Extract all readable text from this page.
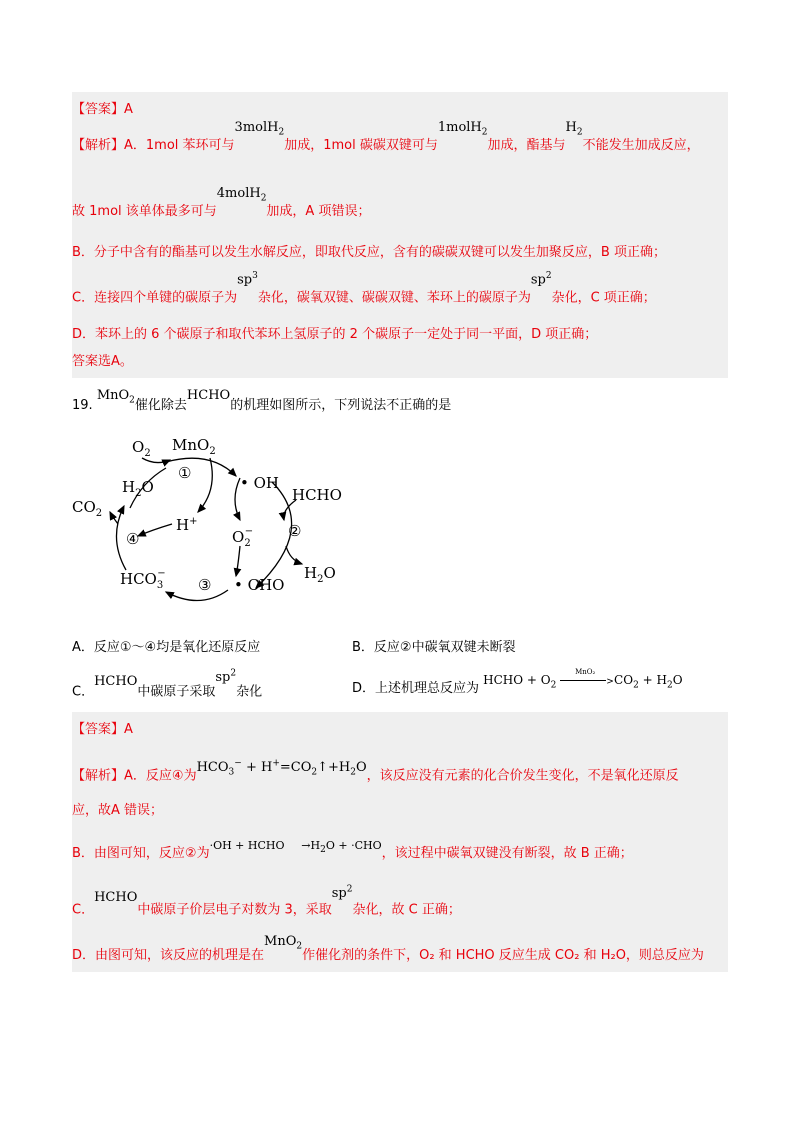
【答案】A
【解析】A．1mol 苯环可与3molH$_2$加成，1mol 碳碳双键可与1molH$_2$加成，酯基与$H_2$不能发生加成反应，
故 1mol 该单体最多可与4molH$_2$加成，A 项错误；
B．分子中含有的酯基可以发生水解反应，即取代反应，含有的碳碳双键可以发生加聚反应，B 项正确；
C．连接四个单键的碳原子为$sp^3$杂化，碳氧双键、碳碳双键、苯环上的碳原子为$sp^2$杂化，C 项正确；
D．苯环上的 6 个碳原子和取代苯环上氢原子的 2 个碳原子一定处于同一平面，D 项正确；
答案选A。
19. MnO$_2$催化除去HCHO的机理如图所示，下列说法不正确的是
$O_2$ MnO$_2$
①
$H_2O$	• OH
$CO_2$
HCHO
④
H+
$O_2-$ ②
$H_2O$
$HCO_3-$
③ • CHO
A．反应①～④均是氧化还原反应	B．反应②中碳氧双键未断裂
C．HCHO中碳原子采取$sp^2$杂化	D．上述机理总反应为 HCHO + $O_2$
MnO₂
> $CO_2 + H_2O$
【答案】A
【解析】A．反应④为$HCO_3^-$ + $H^+=CO_2↑+H_2O$，该反应没有元素的化合价发生变化，不是氧化还原反
应，故A 错误；
B．由图可知，反应②为$^{\cdot OH + HCHO \to H_2O + \cdot CHO}$，该过程中碳氧双键没有断裂，故 B 正确；
C．HCHO中碳原子价层电子对数为 3，采取$sp^2$杂化，故 C 正确；
D．由图可知，该反应的机理是在MnO$_2$作催化剂的条件下，O₂ 和 HCHO 反应生成 CO₂ 和 H₂O，则总反应为
